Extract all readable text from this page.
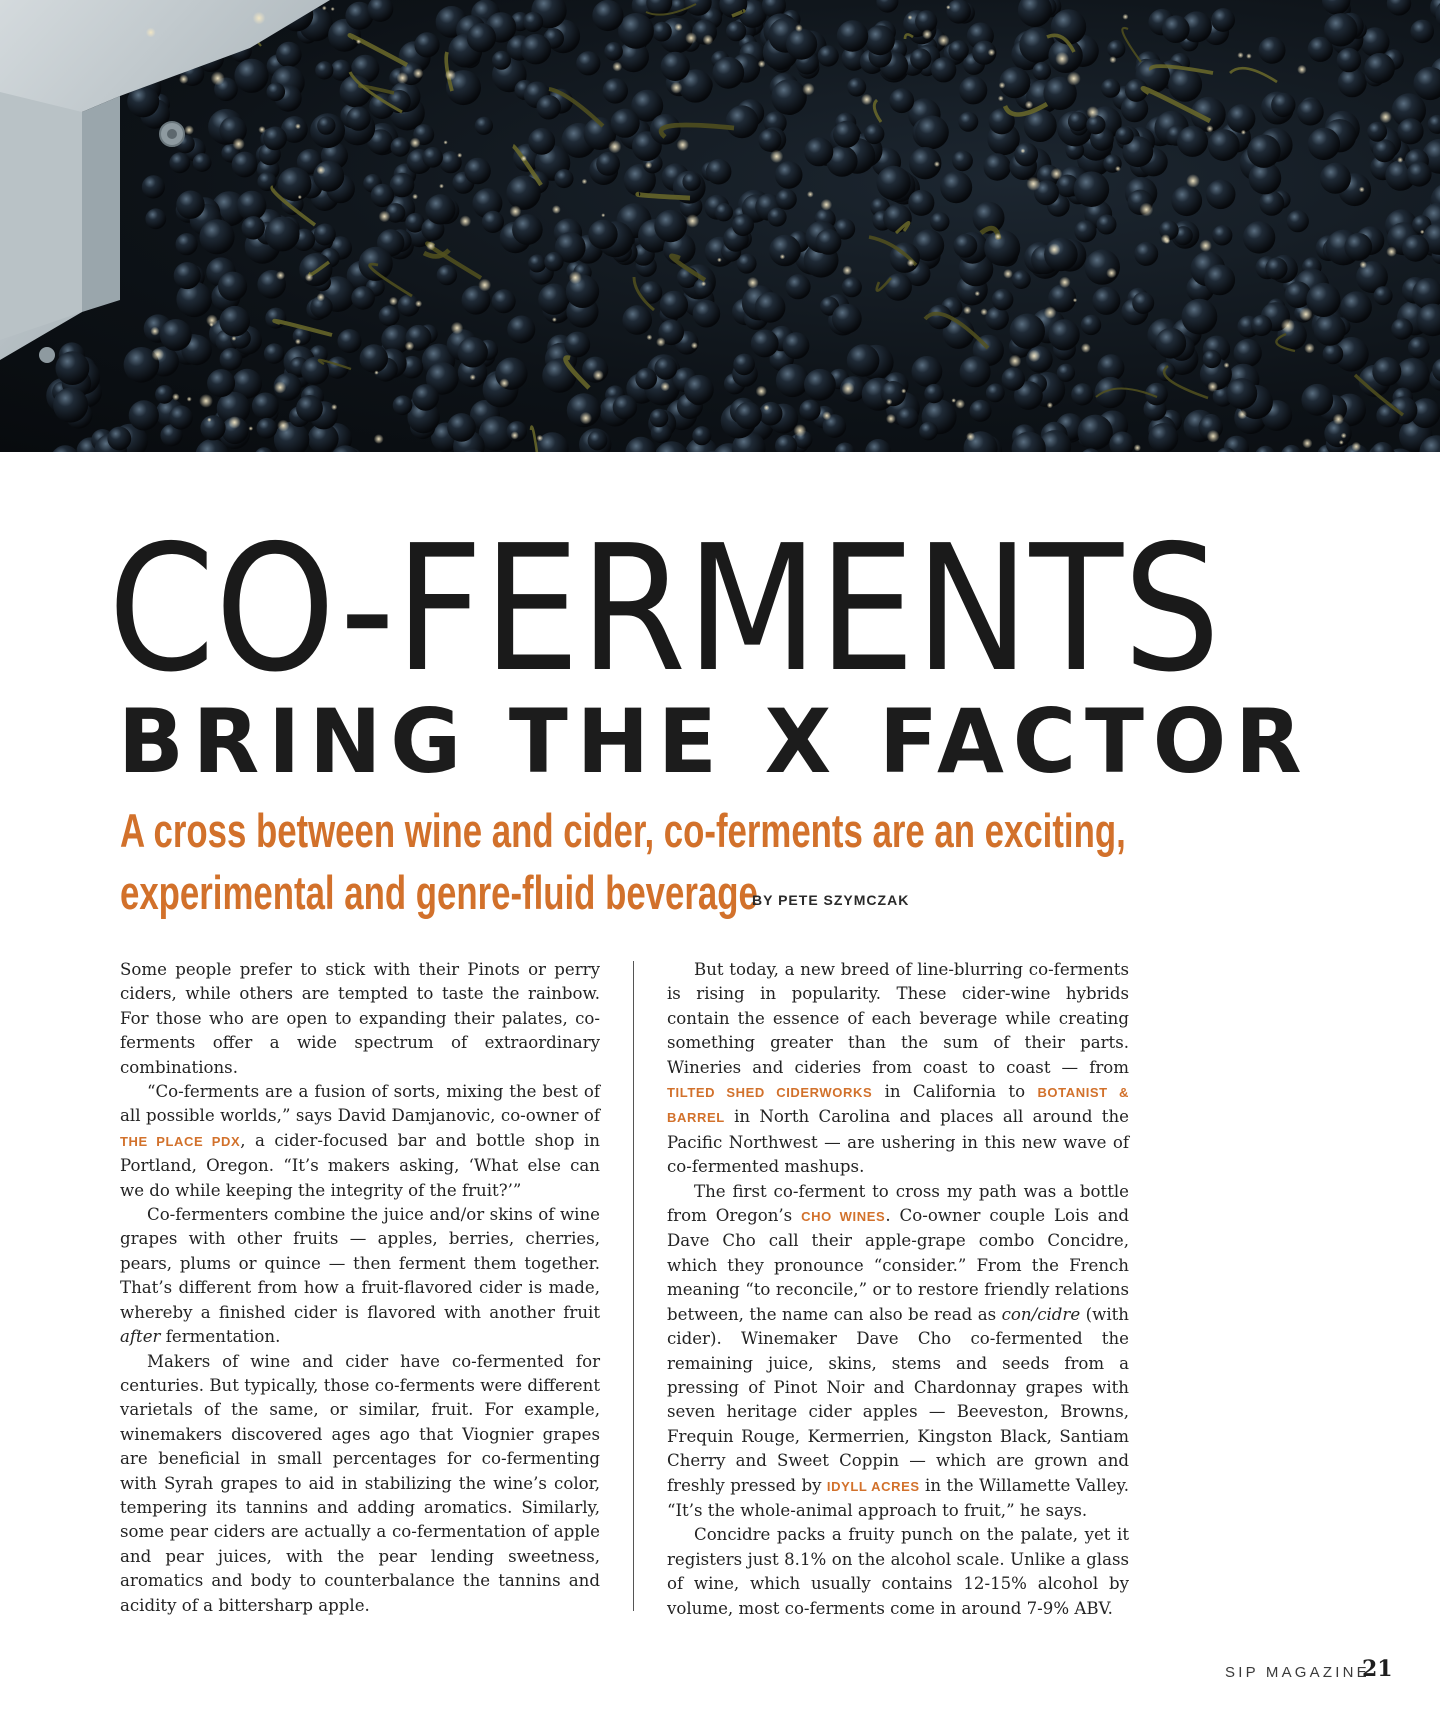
CO-FERMENTS
BRING THE X FACTOR
A cross between wine and cider, co-ferments are an exciting,
experimental and genre-fluid beverage
BY PETE SZYMCZAK

Some people prefer to stick with their Pinots or perry ciders, while others are tempted to taste the rainbow. For those who are open to expanding their palates, co-ferments offer a wide spectrum of extraordinary combinations.

“Co-ferments are a fusion of sorts, mixing the best of all possible worlds,” says David Damjanovic, co-owner of THE PLACE PDX, a cider-focused bar and bottle shop in Portland, Oregon. “It’s makers asking, ‘What else can we do while keeping the integrity of the fruit?’”

Co-fermenters combine the juice and/or skins of wine grapes with other fruits — apples, berries, cherries, pears, plums or quince — then ferment them together. That’s different from how a fruit-flavored cider is made, whereby a finished cider is flavored with another fruit after fermentation.

Makers of wine and cider have co-fermented for centuries. But typically, those co-ferments were different varietals of the same, or similar, fruit. For example, winemakers discovered ages ago that Viognier grapes are beneficial in small percentages for co-fermenting with Syrah grapes to aid in stabilizing the wine’s color, tempering its tannins and adding aromatics. Similarly, some pear ciders are actually a co-fermentation of apple and pear juices, with the pear lending sweetness, aromatics and body to counterbalance the tannins and acidity of a bittersharp apple.

But today, a new breed of line-blurring co-ferments is rising in popularity. These cider-wine hybrids contain the essence of each beverage while creating something greater than the sum of their parts. Wineries and cideries from coast to coast — from TILTED SHED CIDERWORKS in California to BOTANIST & BARREL in North Carolina and places all around the Pacific Northwest — are ushering in this new wave of co-fermented mashups.

The first co-ferment to cross my path was a bottle from Oregon’s CHO WINES. Co-owner couple Lois and Dave Cho call their apple-grape combo Concidre, which they pronounce “consider.” From the French meaning “to reconcile,” or to restore friendly relations between, the name can also be read as con/cidre (with cider). Winemaker Dave Cho co-fermented the remaining juice, skins, stems and seeds from a pressing of Pinot Noir and Chardonnay grapes with seven heritage cider apples — Beeveston, Browns, Frequin Rouge, Kermerrien, Kingston Black, Santiam Cherry and Sweet Coppin — which are grown and freshly pressed by IDYLL ACRES in the Willamette Valley. “It’s the whole-animal approach to fruit,” he says.

Concidre packs a fruity punch on the palate, yet it registers just 8.1% on the alcohol scale. Unlike a glass of wine, which usually contains 12-15% alcohol by volume, most co-ferments come in around 7-9% ABV.

SIP MAGAZINE
21
